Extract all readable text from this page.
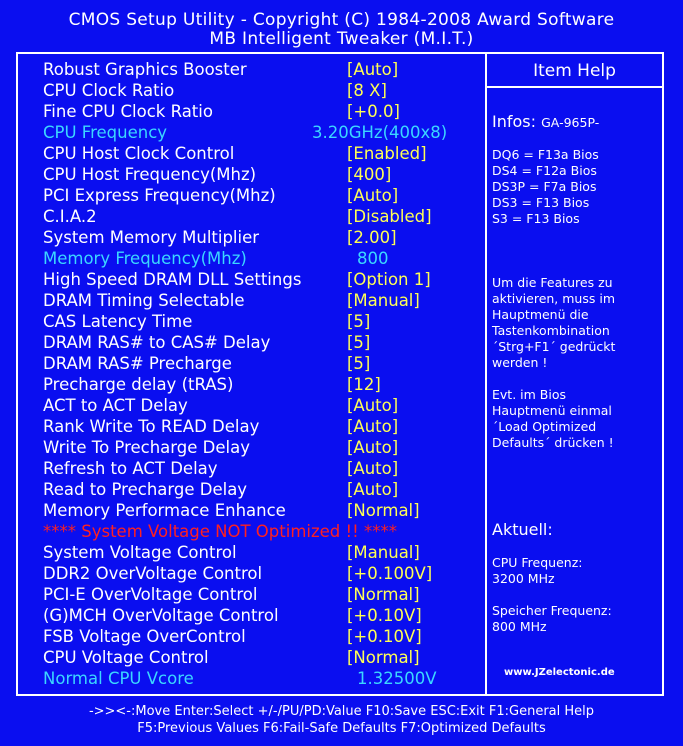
CMOS Setup Utility - Copyright (C) 1984-2008 Award Software
MB Intelligent Tweaker (M.I.T.)
Item Help
Robust Graphics Booster	[Auto]
CPU Clock Ratio	[8 X]
Fine CPU Clock Ratio	[+0.0]
CPU Frequency	3.20GHz(400x8)
CPU Host Clock Control	[Enabled]
CPU Host Frequency(Mhz)	[400]
PCI Express Frequency(Mhz)	[Auto]
C.I.A.2	[Disabled]
System Memory Multiplier	[2.00]
Memory Frequency(Mhz)	800
High Speed DRAM DLL Settings	[Option 1]
DRAM Timing Selectable	[Manual]
CAS Latency Time	[5]
DRAM RAS# to CAS# Delay	[5]
DRAM RAS# Precharge	[5]
Precharge delay (tRAS)	[12]
ACT to ACT Delay	[Auto]
Rank Write To READ Delay	[Auto]
Write To Precharge Delay	[Auto]
Refresh to ACT Delay	[Auto]
Read to Precharge Delay	[Auto]
Memory Performace Enhance	[Normal]
**** System Voltage NOT Optimized !! ****
System Voltage Control	[Manual]
DDR2 OverVoltage Control	[+0.100V]
PCI-E OverVoltage Control	[Normal]
(G)MCH OverVoltage Control	[+0.10V]
FSB Voltage OverControl	[+0.10V]
CPU Voltage Control	[Normal]
Normal CPU Vcore	1.32500V
Infos: GA-965P-
DQ6 = F13a Bios
DS4 = F12a Bios
DS3P = F7a Bios
DS3 = F13 Bios
S3 = F13 Bios
Um die Features zu
aktivieren, muss im
Hauptmenü die
Tastenkombination
´Strg+F1´ gedrückt
werden !
Evt. im Bios
Hauptmenü einmal
´Load Optimized
Defaults´ drücken !
Aktuell:
CPU Frequenz:
3200 MHz
Speicher Frequenz:
800 MHz
www.JZelectonic.de
->><-:Move Enter:Select +/-/PU/PD:Value F10:Save ESC:Exit F1:General Help
F5:Previous Values F6:Fail-Safe Defaults F7:Optimized Defaults
